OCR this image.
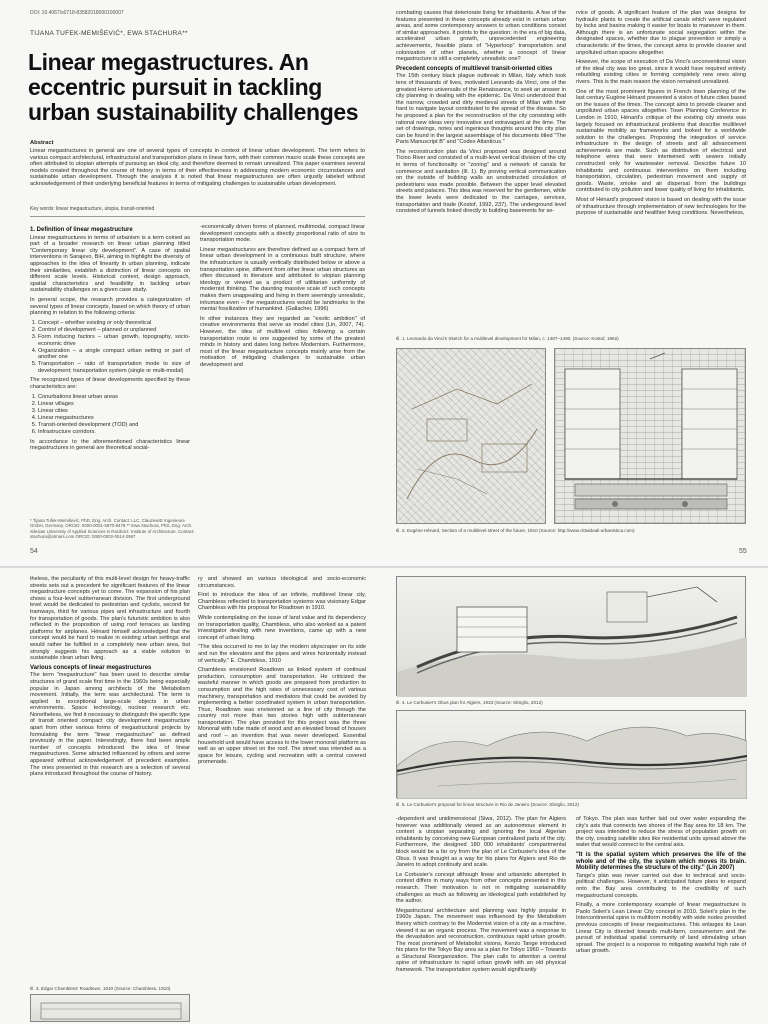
DOI: 10.4067/s0718-83582018000100007
TIJANA TUFEK-MEMIŠEVIĆ*, EWA STACHURA**
Linear megastructures. An eccentric pursuit in tackling urban sustainability challenges
Abstract
Linear megastructures in general are one of several types of concepts in context of linear urban development. The term refers to various compact architectural, infrastructural and transportation plans in linear form, with their common macro scale these concepts are often attributed to utopian attempts of pursuing an ideal city, and therefore deemed to remain unrealized. This paper examines several models created throughout the course of history in terms of their effectiveness in addressing modern economic circumstances and sustainable urban development. Through the analysis it is noted that linear megastructures are often unjustly labeled without acknowledgement of their underlying beneficial features in terms of mitigating challenges to sustainable urban development.
Key words: linear megastructure, utopia, transit-oriented
1. Definition of linear megastructure

Linear megastructures in terms of urbanism is a term coined as part of a broader research on linear urban planning titled "Contemporary linear city development". A case of spatial interventions in Sarajevo, BiH, aiming to highlight the diversity of approaches to the idea of linearity in urban planning, indicate their similarities, establish a distinction of linear concepts on different scale levels. Historical context, design approach, spatial characteristics and feasibility in tackling urban sustainability challenges on a given case study.

In general scope, the research provides a categorization of several types of linear concepts, based on which theory of urban planning in relation to the following criteria:

1. Concept – whether existing or only theoretical
2. Control of development – planned or unplanned
3. Form inducing factors – urban growth, topography, socio-economic drive
4. Organization – a single compact urban setting or part of another one
5. Transportation – ratio of transportation mode to size of development; transportation system (single or multi-modal)

The recognized types of linear developments specified by these characteristics are:

1. Conurbations linear urban areas
2. Linear villages
3. Linear cities
4. Linear megastructures
5. Transit-oriented development (TOD) and
6. Infrastructure corridors.

In accordance to the aforementioned characteristics linear megastructures in general are theoretical social-

-economically driven forms of planned, multimodal, compact linear development concepts with a directly proportional ratio of size to transportation mode.

Linear megastructures are therefore defined as a compact form of linear urban development in a continuous built structure, where the infrastructure is usually vertically distributed below or above a transportation spine, different from other linear urban structures as often discussed in literature and attributed to utopian planning ideology or viewed as a product of utilitarian uniformity of modernist thinking. The daunting massive scale of such concepts makes them unappealing and living in them seemingly unrealistic, inhumane even – the megastructures would be landmarks to the mental fossilization of humankind. (Gallacher, 1996)

In other instances they are regarded as "exotic ambition" of creative environments that serve as model cities (Lin, 2007, 74). However, the idea of multilevel cities following a certain transportation route is one suggested by some of the greatest minds in history and dates long before Modernism. Furthermore, most of the linear megastructure concepts mainly arise from the motivation of mitigating challenges to sustainable urban development and

* Tijana Tufek-Memišević, PhD, Eng. Arch. Contact: LLC, Clauzewitz Ingenieure GmbH, Germany. ORCID: 0000-0001-5870-8478 ** Ewa Stachura, PhD, Eng. Arch. Silesian University of Applied Sciences in Racibórz. Institute of Architecture. Contact: stachura@atmars.com ORCID: 0000-0002-0514-2967
54

combating causes that deteriorate living for inhabitants. A few of the features presented in these concepts already exist in certain urban areas, and some contemporary answers to urban conditions consist of similar approaches. It points to the question: in the era of big data, accelerated urban growth, unprecedented engineering achievements, feasible plans of "Hyperloop" transportation and colonization of other planets, whether a concept of linear megastructure is still a completely unrealistic one?

Precedent concepts of multilevel transit-oriented cities

The 15th century black plague outbreak in Milan, Italy which took tens of thousands of lives, motivated Leonardo da Vinci, one of the greatest Homo universalis of the Renaissance, to seek an answer in city planning in dealing with the epidemic. Da Vinci understood that the narrow, crowded and dirty medieval streets of Milan with their hard to navigate layout contributed to the spread of the disease. So he proposed a plan for the reconstruction of the city consisting with rational new ideas very innovative and extravagant at the time. The set of drawings, notes and ingenious thoughts around this city plan can be found in the largest assemblage of his documents titled "The Paris Manuscript B" and "Codex Atlanticus."

The reconstruction plan da Vinci proposed was designed around Ticino River and consisted of a multi-level vertical division of the city in terms of functionality or "zoning" and a network of canals for commerce and sanitation (Ill. 1). By proving vertical communication on the outside of building walls an unobstructed circulation of pedestrians was made possible. Between the upper level elevated streets and palaces. This idea was reserved for the gentlemen, while the lower levels were dedicated to the carriages, services, transportation and trade (Kostof, 1992, 237). The underground level consisted of tunnels linked directly to building basements for se-

rvice of goods. A significant feature of the plan was designs for hydraulic plants to create the artificial canals which were regulated by locks and basins making it easier for boats to maneuver in them. Although there is an unfortunate social segregation within the designated spaces, whether due to plague prevention or simply a characteristic of the times, the concept aims to provide cleaner and unpolluted urban spaces altogether.

However, the scope of execution of Da Vinci's unconventional vision of the ideal city was too great, since it would have required entirely rebuilding existing cities or forming completely new ones along rivers. This is the main reason the vision remained unrealized.

One of the most prominent figures in French town planning of the last century Eugène Hénard presented a vision of future cities based on the issues of the times. The concept aims to provide cleaner and unpolluted urban spaces altogether. Town Planning Conference in London in 1910, Hénard's critique of the existing city streets was largely focused on infrastructural problems that describe multilevel sustainable mobility as frameworks and looked for a worldwide solution to the challenges. Proposing the integration of service infrastructure in the design of streets and all advancement achievements are made. Such as distribution of electrical and telephone wires that were intertwined with sewers initially constructed only for wastewater removal. Describe future 10 inhabitants and continuous interventions on them including transportation, circulation, pedestrian movement and supply of goods. Waste, smoke and air dispersal from the buildings contributed to city pollution and lower quality of living for inhabitants.

Most of Hénard's proposed vision is based on dealing with the issue of infrastructure through implementation of new technologies for the purpose of sustainable and healthier living conditions. Nevertheless,

Ill. 1. Leonardo da Vinci's Sketch for a multilevel development for Milan, c. 1487–1490. (Source: Kostof, 1992)
Ill. 2. Eugène Hénard, Section of a multilevel street of the future, 1910 (Source: http://www.cittaideali-urbanistica.com)
55

theless, the peculiarity of this multi-level design for heavy-traffic streets sets out a precedent for significant features of the linear megastructure concepts yet to come. The expansion of his plan shows a four-level subterranean division. The first underground level would be dedicated to pedestrian and cyclists, second for tramways, third for various pipes and infrastructure and fourth for transportation of goods. The plan's futuristic ambition is also reflected in the proposition of using roof terraces as landing platforms for airplanes. Hénard himself acknowledged that the concept would be hard to realize in existing urban settings and would rather be fulfilled in a completely new urban area, but strongly suggests his approach as a viable solution to sustainable clean urban living.

Various concepts of linear megastructures

The term "megastructure" has been used to describe similar structures of grand scale first time in the 1960s being especially popular in Japan among architects of the Metabolism movement. Initially, the term was architectural. The term is applied to exceptional large-scale objects in urban environments. Space technology, nuclear research etc. Nonetheless, we find it necessary to distinguish the specific type of transit oriented compact city development megastructure apart from other various forms of megastructural projects by formulating the term "linear megastructure" as defined previously in the paper. Interestingly, there had been ample number of concepts introduced the idea of linear megastructures. Some attracted influenced by others and some appeared without acknowledgement of precedent examples. The ones presented in this research are a selection of several plans introduced throughout the course of history.

ry and showed an various ideological and socio-economic circumstances.

First to introduce the idea of an infinite, multilevel linear city, Chambless reflected to transportation systems was visionary Edgar Chambless with his proposal for Roadtown in 1910.

While contemplating on the issue of land value and its dependency on transportation quality, Chambless, who also worked as a patent investigator dealing with new inventions, came up with a new concept of urban living.

"The idea occurred to me to lay the modern skyscraper on its side and run the elevators and the pipes and wires horizontally instead of vertically." E. Chambless, 1910

Chambless envisioned Roadtown as linked system of continual production, consumption and transportation. He criticized the wasteful manner in which goods are prepared from production to consumption and the high rates of unnecessary cost of various machinery, transportation and mediators that could be avoided by implementing a better coordinated system in urban transportation. Thus, Roadtown was envisioned as a line of city through the country not more than two stories high with subterranean transportation. The plan provided for this project was the three Monorail with tube made of wood and an elevated broad of houses and roof – an invention that was never developed. Essential household unit would have access to the lower monorail platform as well as an upper street on the roof. The street was intended as a space for leisure, cycling and recreation with a central covered promenade.

Ill. 3. Edgar Chambless' Roadtown, 1910 (Source: Chambless, 1910)
Ill. 4. Le Corbusier's Obus plan for Algiers, 1933 (Source: Sbriglio, 2012)
Ill. 5. Le Corbusier's proposal for linear structure in Rio de Janeiro (Source: Sbriglio, 2012)

-dependent and unidimensional (Siwa, 2012). The plan for Algiers however was additionally viewed as an autonomous element in context a utopian separating and ignoring the local Algerian inhabitants by conceiving new European centralized parts of the city. Furthermore, the designed 180 000 inhabitants' compartmental block would be a far cry from the plan of Le Corbusier's idea of the Obus. It was thought as a way for his plans for Algiers and Rio de Janeiro to adopt continuity and scale.

Le Corbusier's concept although linear and urbanistic attempted in context differs in many ways from other concepts presented in this research. Their motivation is not in mitigating sustainability challenges as much as following an ideological path established by the author.

Megastructural architecture and planning was highly popular in 1960s Japan. The movement was influenced by the Metabolism theory which contrary to the Modernist vision of a city as a machine, viewed it as an organic process. The movement was a response to the devastation and reconstruction, continuous rapid urban growth. The most prominent of Metabolist visions, Kenzo Tange introduced his plans for the Tokyo Bay area as a plan for Tokyo 1960 – Towards a Structural Reorganization. The plan calls to attention a central spine of infrastructure to rapid urban growth with an old physical framework. The transportation system would significantly

of Tokyo. The plan was further laid out over water expanding the city's axis that connects two shores of the Bay area for 18 km. The project was intended to reduce the stress of population growth on the city, creating satellite sites like residential units spread above the water that would connect to the central axis.

"It is the spatial system which preserves the life of the whole and of the city, the system which moves its brain. Mobility determines the structure of the city." (Lin 2007)

Tange's plan was never carried out due to technical and socio-political challenges. However, it anticipated future plans to expand onto the Bay area contributing to the credibility of such megastructural concepts.

Finally, a more contemporary example of linear megastructure is Paolo Soleri's Lean Linear City concept in 2010. Soleri's plan in the Intercontinental spine is multiform mobility with wide nodes provided previous concepts of linear megastructures. This enlarges its Lean Linear City is directed towards multi-farm, consumerism and the pursuit of individual spatial community of land stimulating urban sprawl. The project is a response to mitigating wasteful high rate of urban growth.
